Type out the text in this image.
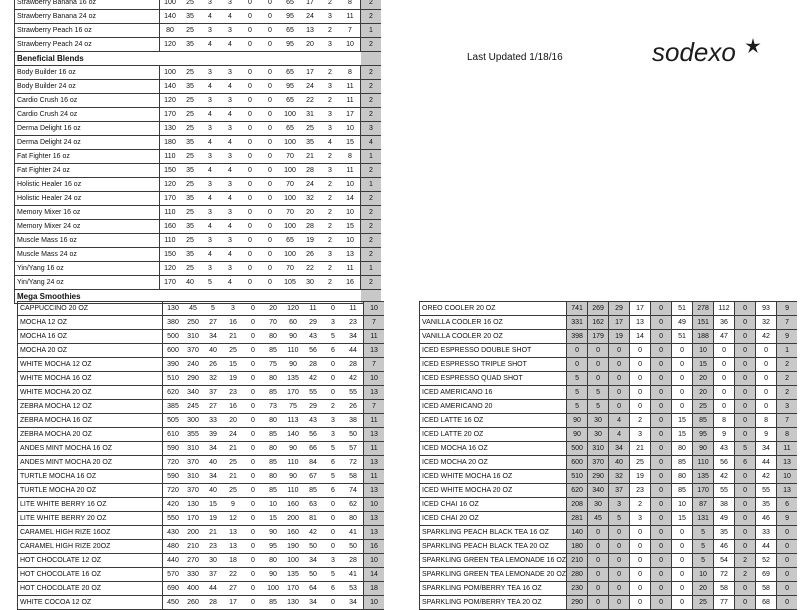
Strawberry Banana 16 oz	100	25	3	3	0	0	65	17	2	8	2
Strawberry Banana 24 oz	140	35	4	4	0	0	95	24	3	11	2
Strawberry Peach 16 oz	80	25	3	3	0	0	65	13	2	7	1
Strawberry Peach 24 oz	120	35	4	4	0	0	95	20	3	10	2
Beneficial Blends											
Body Builder 16 oz	100	25	3	3	0	0	65	17	2	8	2
Body Builder 24 oz	140	35	4	4	0	0	95	24	3	11	2
Cardio Crush 16 oz	120	25	3	3	0	0	65	22	2	11	2
Cardio Crush 24 oz	170	25	4	4	0	0	100	31	3	17	2
Derma Delight 16 oz	130	25	3	3	0	0	65	25	3	10	3
Derma Delight 24 oz	180	35	4	4	0	0	100	35	4	15	4
Fat Fighter 16 oz	110	25	3	3	0	0	70	21	2	8	1
Fat Fighter 24 oz	150	35	4	4	0	0	100	28	3	11	2
Holistic Healer 16 oz	120	25	3	3	0	0	70	24	2	10	1
Holistic Healer 24 oz	170	35	4	4	0	0	100	32	2	14	2
Memory Mixer 16 oz	110	25	3	3	0	0	70	20	2	10	2
Memory Mixer 24 oz	160	35	4	4	0	0	100	28	2	15	2
Muscle Mass 16 oz	110	25	3	3	0	0	65	19	2	10	2
Muscle Mass 24 oz	150	35	4	4	0	0	100	26	3	13	2
Yin/Yang 16 oz	120	25	3	3	0	0	70	22	2	11	1
Yin/Yang 24 oz	170	40	5	4	0	0	105	30	2	16	2
Mega Smoothies											
Last Updated 1/18/16	sodexo
CAPPUCCINO 20 OZ	130	45	5	3	0	20	120	11	0	11	10
MOCHA 12 OZ	380	250	27	16	0	70	60	29	3	23	7
MOCHA 16 OZ	500	310	34	21	0	80	90	43	5	34	11
MOCHA 20 OZ	600	370	40	25	0	85	110	56	6	44	13
WHITE MOCHA 12 OZ	390	240	26	15	0	75	90	28	0	28	7
WHITE MOCHA 16 OZ	510	290	32	19	0	80	135	42	0	42	10
WHITE MOCHA 20 OZ	620	340	37	23	0	85	170	55	0	55	13
ZEBRA MOCHA 12 OZ	385	245	27	16	0	73	75	29	2	26	7
ZEBRA MOCHA 16 OZ	505	300	33	20	0	80	113	43	3	38	11
ZEBRA MOCHA 20 OZ	610	355	39	24	0	85	140	56	3	50	13
ANDES MINT MOCHA 16 OZ	590	310	34	21	0	80	90	66	5	57	11
ANDES MINT MOCHA 20 OZ	720	370	40	25	0	85	110	84	6	72	13
TURTLE MOCHA 16 OZ	590	310	34	21	0	80	90	67	5	58	11
TURTLE MOCHA 20 OZ	720	370	40	25	0	85	110	85	6	74	13
LITE WHITE BERRY 16 OZ	420	130	15	9	0	10	160	63	0	62	10
LITE WHITE BERRY 20 OZ	550	170	19	12	0	15	200	81	0	80	13
CARAMEL HIGH RIZE 16OZ	430	200	21	13	0	90	160	42	0	41	13
CARAMEL HIGH RIZE 20OZ	480	210	23	13	0	95	190	50	0	50	16
HOT CHOCOLATE 12 OZ	440	270	30	18	0	80	100	34	3	28	10
HOT CHOCOLATE 16 OZ	570	330	37	22	0	90	135	50	5	41	14
HOT CHOCOLATE 20 OZ	690	400	44	27	0	100	170	64	6	53	18
WHITE COCOA 12 OZ	450	260	28	17	0	85	130	34	0	34	10
OREO COOLER 20 OZ	741	269	29	17	0	51	278	112	0	93	9
VANILLA COOLER 16 OZ	331	162	17	13	0	49	151	36	0	32	7
VANILLA COOLER 20 OZ	398	179	19	14	0	51	188	47	0	42	9
ICED ESPRESSO DOUBLE SHOT	0	0	0	0	0	0	10	0	0	0	1
ICED ESPRESSO TRIPLE SHOT	0	0	0	0	0	0	15	0	0	0	2
ICED ESPRESSO QUAD SHOT	5	0	0	0	0	0	20	0	0	0	2
ICED AMERICANO 16	5	5	0	0	0	0	20	0	0	0	2
ICED AMERICANO 20	5	5	0	0	0	0	25	0	0	0	3
ICED LATTE 16 OZ	90	30	4	2	0	15	85	8	0	8	7
ICED LATTE 20 OZ	90	30	4	3	0	15	95	9	0	9	8
ICED MOCHA 16 OZ	500	310	34	21	0	80	90	43	5	34	11
ICED MOCHA 20 OZ	600	370	40	25	0	85	110	56	6	44	13
ICED WHITE MOCHA 16 OZ	510	290	32	19	0	80	135	42	0	42	10
ICED WHITE MOCHA 20 OZ	620	340	37	23	0	85	170	55	0	55	13
ICED CHAI 16 OZ	208	30	3	2	0	10	87	38	0	35	6
ICED CHAI 20 OZ	281	45	5	3	0	15	131	49	0	46	9
SPARKLING PEACH BLACK TEA 16 OZ	140	0	0	0	0	0	5	35	0	33	0
SPARKLING PEACH BLACK TEA 20 OZ	180	0	0	0	0	0	5	46	0	44	0
SPARKLING GREEN TEA LEMONADE 16 OZ	210	0	0	0	0	0	5	54	2	52	0
SPARKLING GREEN TEA LEMONADE 20 OZ	280	0	0	0	0	0	10	72	2	69	0
SPARKLING POM/BERRY TEA 16 OZ	230	0	0	0	0	0	20	58	0	58	0
SPARKLING POM/BERRY TEA 20 OZ	290	0	0	0	0	0	25	77	0	68	0
